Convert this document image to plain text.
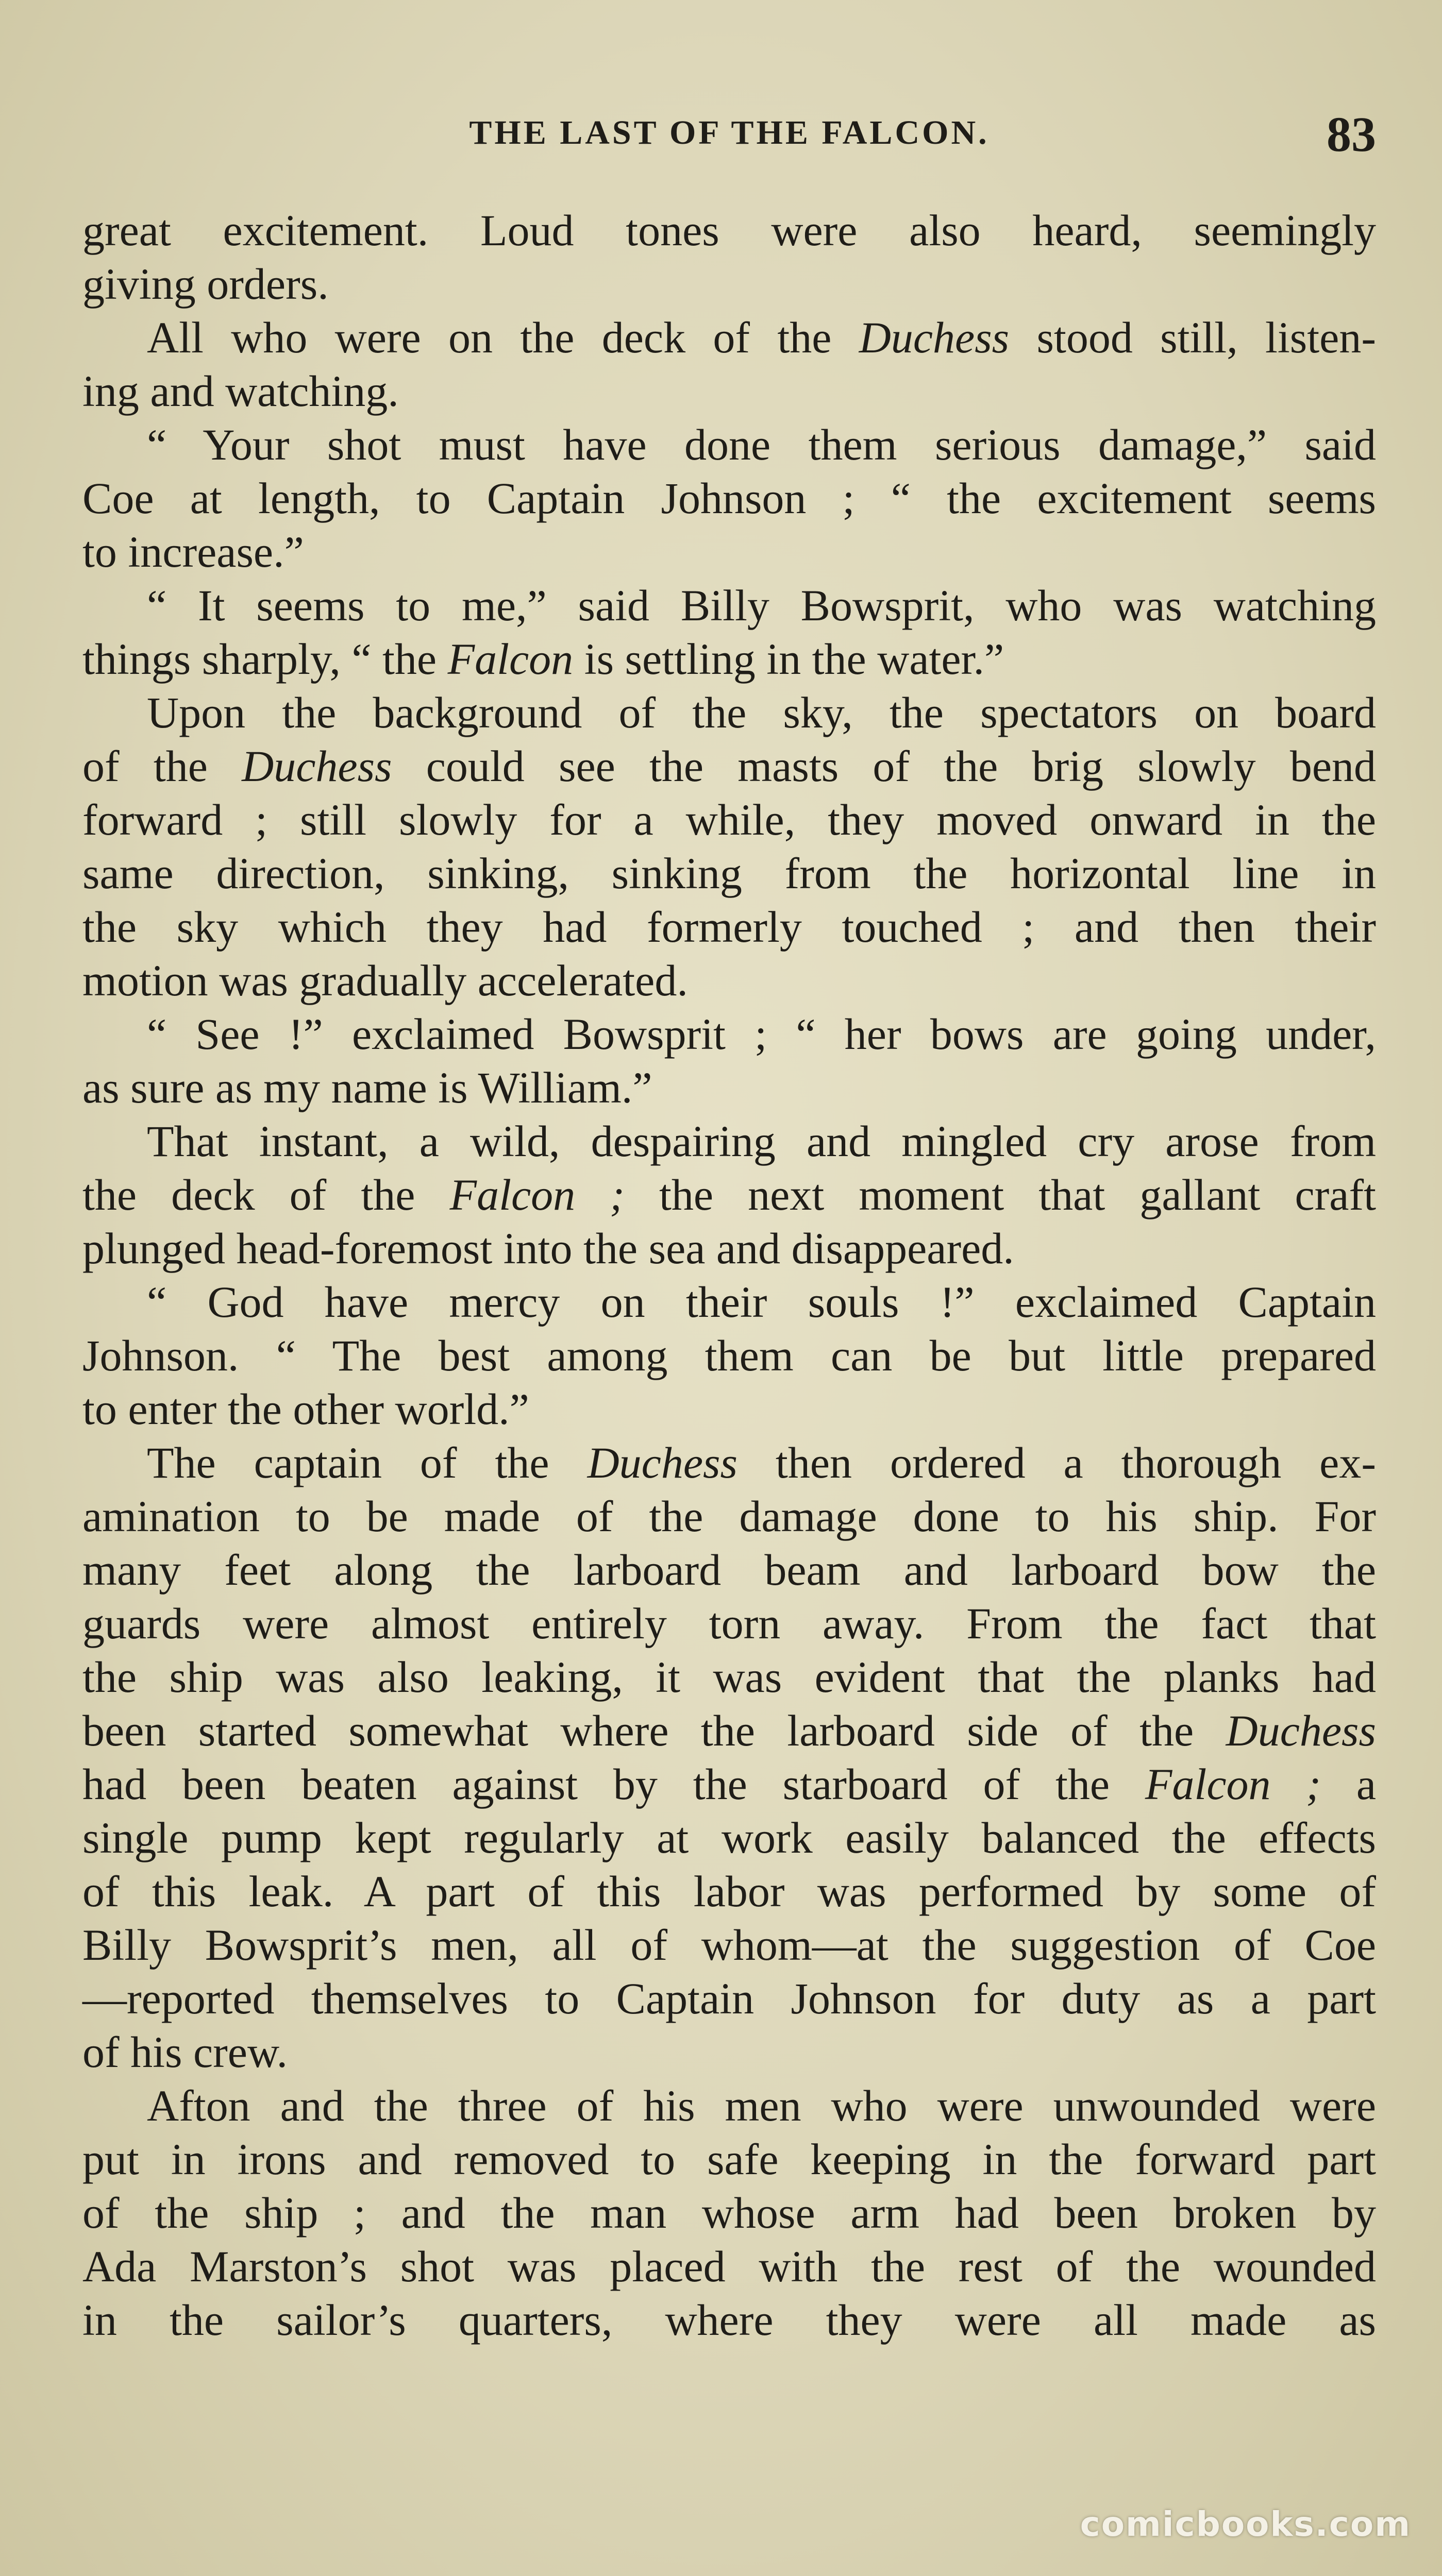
THE LAST OF THE FALCON.	83
great excitement. Loud tones were also heard, seemingly
giving orders.
All who were on the deck of the Duchess stood still, listen-
ing and watching.
“ Your shot must have done them serious damage,” said
Coe at length, to Captain Johnson ; “ the excitement seems
to increase.”
“ It seems to me,” said Billy Bowsprit, who was watching
things sharply, “ the Falcon is settling in the water.”
Upon the background of the sky, the spectators on board
of the Duchess could see the masts of the brig slowly bend
forward ; still slowly for a while, they moved onward in the
same direction, sinking, sinking from the horizontal line in
the sky which they had formerly touched ; and then their
motion was gradually accelerated.
“ See !” exclaimed Bowsprit ; “ her bows are going under,
as sure as my name is William.”
That instant, a wild, despairing and mingled cry arose from
the deck of the Falcon ; the next moment that gallant craft
plunged head-foremost into the sea and disappeared.
“ God have mercy on their souls !” exclaimed Captain
Johnson. “ The best among them can be but little prepared
to enter the other world.”
The captain of the Duchess then ordered a thorough ex-
amination to be made of the damage done to his ship. For
many feet along the larboard beam and larboard bow the
guards were almost entirely torn away. From the fact that
the ship was also leaking, it was evident that the planks had
been started somewhat where the larboard side of the Duchess
had been beaten against by the starboard of the Falcon ; a
single pump kept regularly at work easily balanced the effects
of this leak. A part of this labor was performed by some of
Billy Bowsprit’s men, all of whom—at the suggestion of Coe
—reported themselves to Captain Johnson for duty as a part
of his crew.
Afton and the three of his men who were unwounded were
put in irons and removed to safe keeping in the forward part
of the ship ; and the man whose arm had been broken by
Ada Marston’s shot was placed with the rest of the wounded
in the sailor’s quarters, where they were all made as
comicbooks.com
